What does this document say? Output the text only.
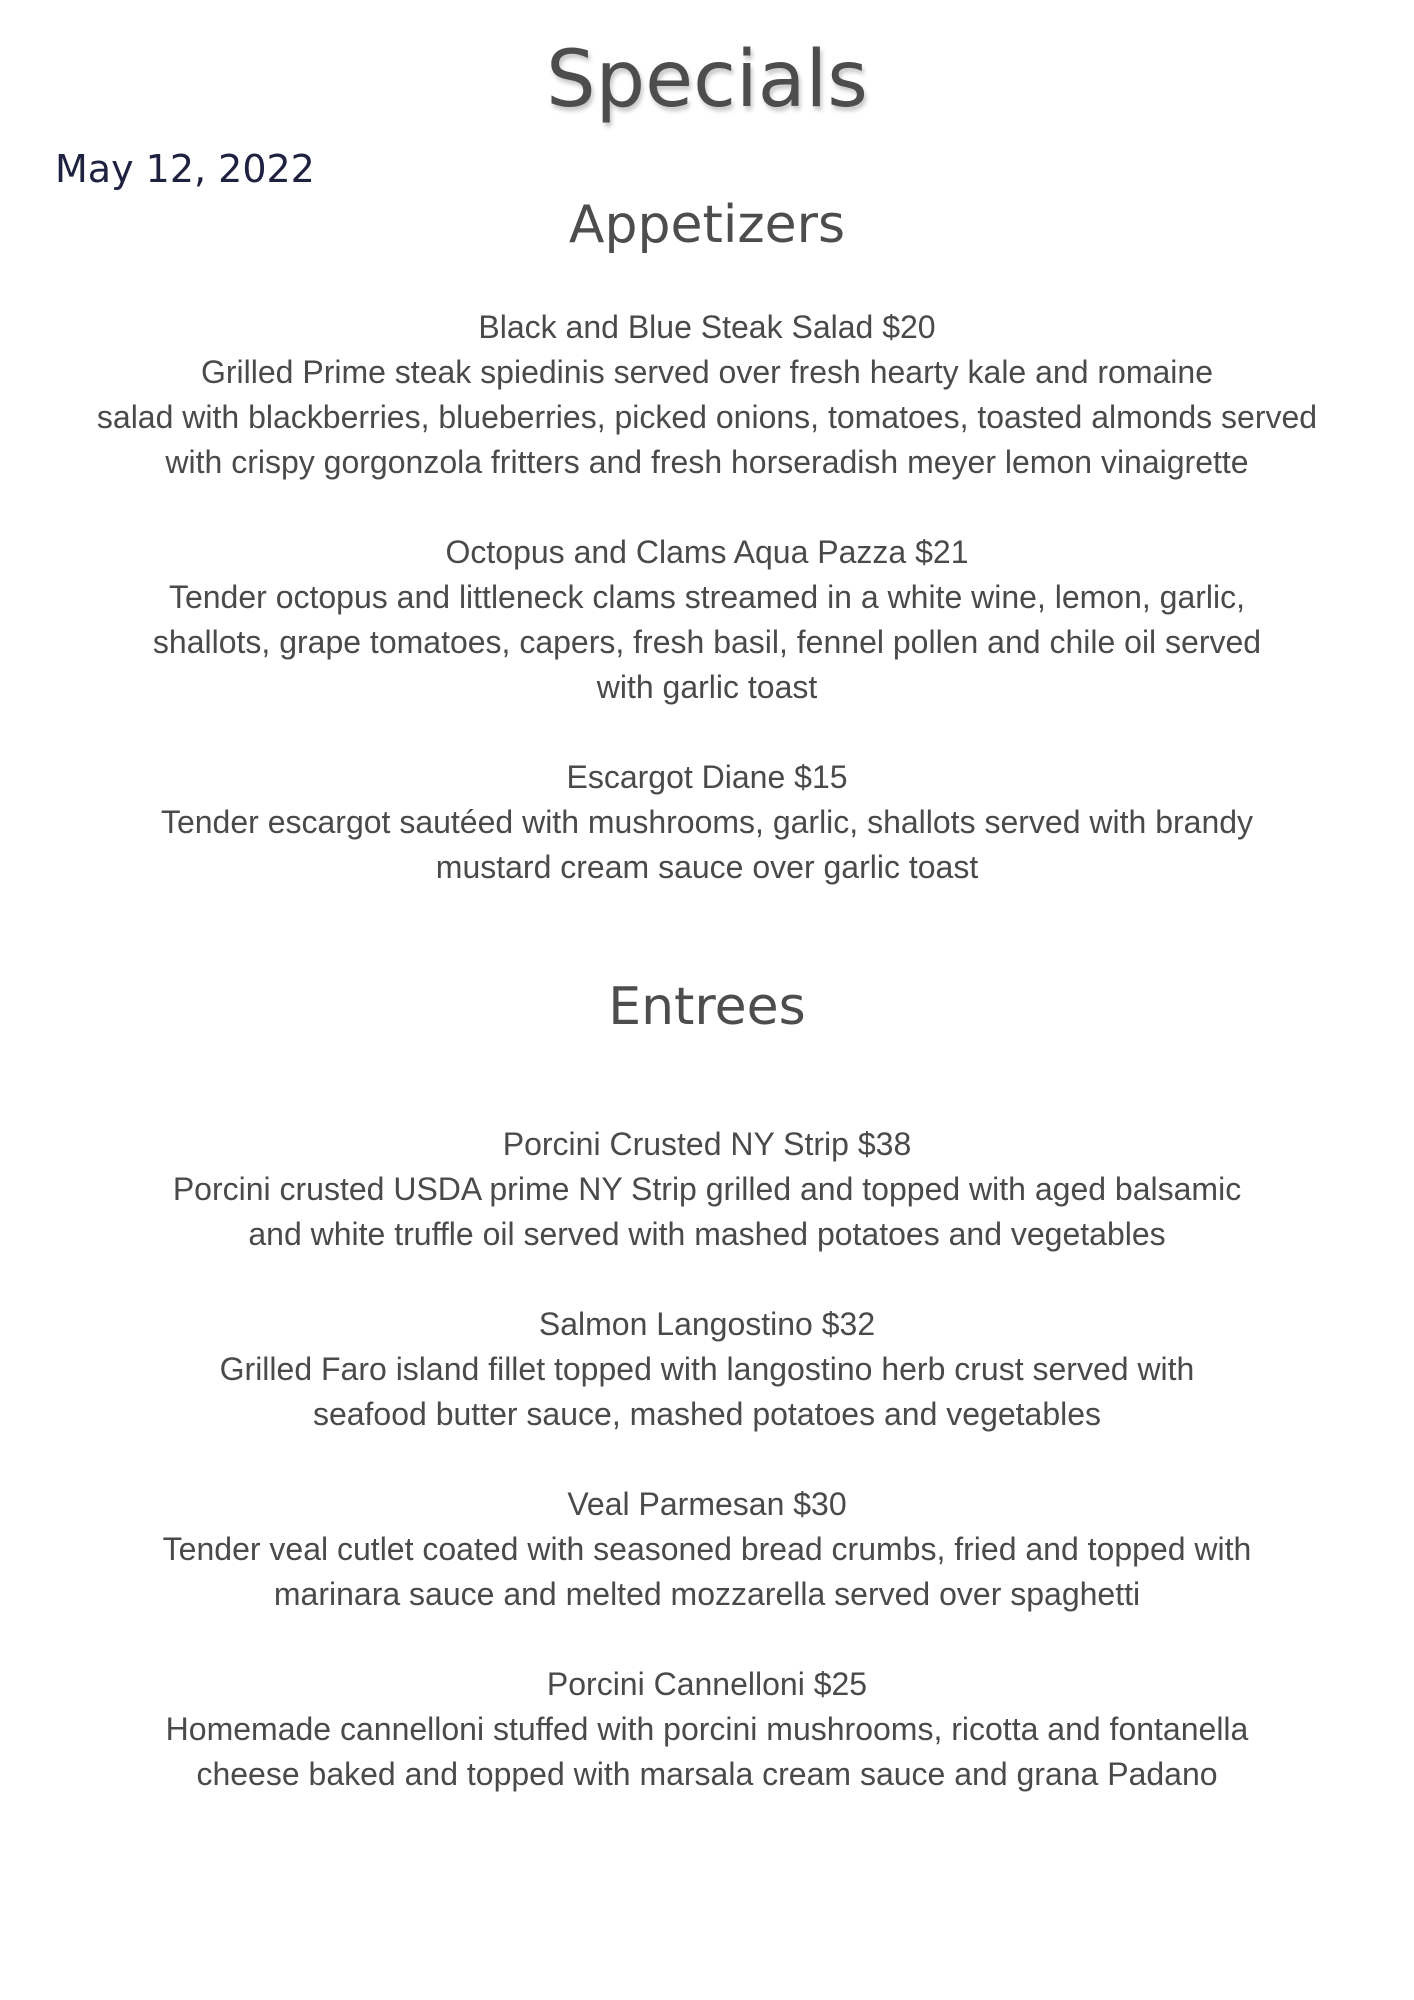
Specials
May 12, 2022
Appetizers
Black and Blue Steak Salad $20
Grilled Prime steak spiedinis served over fresh hearty kale and romaine
salad with blackberries, blueberries, picked onions, tomatoes, toasted almonds served
with crispy gorgonzola fritters and fresh horseradish meyer lemon vinaigrette
Octopus and Clams Aqua Pazza $21
Tender octopus and littleneck clams streamed in a white wine, lemon, garlic,
shallots, grape tomatoes, capers, fresh basil, fennel pollen and chile oil served
with garlic toast
Escargot Diane $15
Tender escargot sautéed with mushrooms, garlic, shallots served with brandy
mustard cream sauce over garlic toast
Entrees
Porcini Crusted NY Strip $38
Porcini crusted USDA prime NY Strip grilled and topped with aged balsamic
and white truffle oil served with mashed potatoes and vegetables
Salmon Langostino $32
Grilled Faro island fillet topped with langostino herb crust served with
seafood butter sauce, mashed potatoes and vegetables
Veal Parmesan $30
Tender veal cutlet coated with seasoned bread crumbs, fried and topped with
marinara sauce and melted mozzarella served over spaghetti
Porcini Cannelloni $25
Homemade cannelloni stuffed with porcini mushrooms, ricotta and fontanella
cheese baked and topped with marsala cream sauce and grana Padano
